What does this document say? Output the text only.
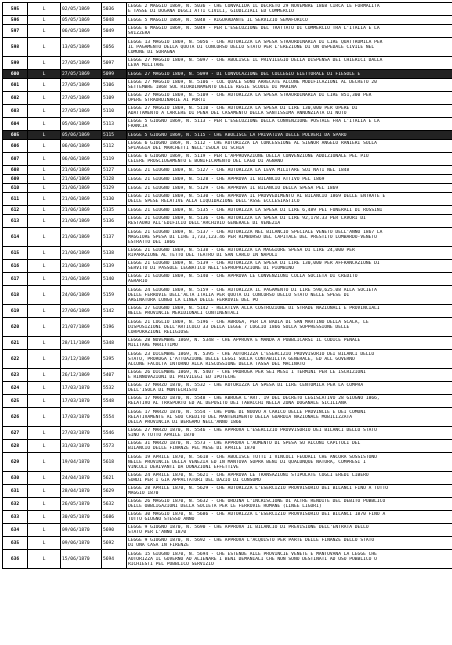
595	L	02/05/1869	5036	LEGGE 2 MAGGIO 1869, N. 5036 - CHE CONVALIDA IL DECRETO 29 NOVEMBRE 1868 CIRCA LE FORMALITA
E TASSE DI DOGANA DEGLI ATTI CIVILI, GIUDIZIALI ED COMMERCIO

596	L	05/05/1869	5048	LEGGE 5 MAGGIO 1869, N. 5048 - RIGUARDANTE IL SERVIZIO SEMAFORICO

597	L	06/05/1869	5049	LEGGE 6 MAGGIO 1869, N. 5049 - PER L'ESECUZIONE DEL TRATTATO DI COMMERCIO TRA L'ITALIA E LA
SVIZZERA

598	L	13/05/1869	5056	LEGGE 13 MAGGIO 1869, N. 5056 - CHE AUTORIZZA LA SPESA STRAORDINARIA DI LIRE QUATTROMILA PER
IL PAGAMENTO DELLA QUOTA DI CONCORSO DELLO STATO PER L'EREZIONE DI UN OSPEDALE CIVILE NEL
COMUNE DI SORAGNA

599	L	27/05/1869	5097	LEGGE 27 MAGGIO 1869, N. 5097 - CHE ABOLISCE IL PRIVILEGIO DELLA DISPENSA DEI CHIERICI DALLA
LEVA MILITARE

600	L	27/05/1869	5099	LEGGE 27 MAGGIO 1869, N. 5099 - DI CONVOCAZIONE DEL COLLEGIO ELETTORALE DI FIESOLE E

601	L	27/05/1869	5106	LEGGE 27 MAGGIO 1869, N. 5106 - COL QUALE SONO ARRECATE ALCUNE MODIFICAZIONI AL DECRETO 20
SETTEMBRE 1868 SUL RIORDINAMENTO DELLE REGIE SCUOLE DI MARINA

602	L	27/05/1869	5109	LEGGE 27 MAGGIO 1869, N. 5109 - CHE AUTORIZZA LA SPESA STRAORDINARIA DI LIRE 851,300 PER
OPERE STRAORDINARIE AI PORTI

603	L	27/05/1869	5110	LEGGE 27 MAGGIO 1869, N. 5110 - CHE AUTORIZZA LA SPESA DI LIRE 130,000 PER OPERE DI
ADATTAMENTO A CARCERE DI PENA DEL CASAMENTO DELLA SANTISSIMA ANNUNZIATA DI NOTO

604	L	05/06/1869	5113	LEGGE 5 GIUGNO 1869, N. 5113 - PER L'ESECUZIONE DELLA CONVENZIONE POSTALE FRA L'ITALIA E LA
FRANCIA

605	L	05/06/1869	5115	LEGGE 5 GIUGNO 1869, N. 5115 - CHE ABOLISCE LA PRIVATIVA DELLE POLVERI DA SPARO

606	L	06/06/1869	5112	LEGGE 6 GIUGNO 1869, N. 5112 - CHE AUTORIZZA LA CONCESSIONE AL SIGNOR ANGELO RANIERI SULLA
SPIAGGIA DEI MARCHETTI NELL'ISOLA DI SCHIA

607	L	06/06/1869	5119	LEGGE 6 GIUGNO 1869, N. 5119 - PER L'APPROVAZIONE DELLA CONVENZIONE ADDIZIONALE PEL PIU
CELERE PROSCIUGAMENTO E BONIFICAMENTO DEL LAGO DI AGNANO

608	L	21/06/1869	5127	LEGGE 21 GIUGNO 1869, N. 5127 - CHE AUTORIZZA LA LEVA MILITARE SUI NATI NEL 1848

609	L	21/06/1869	5128	LEGGE 21 GIUGNO 1869, N. 5128 - CHE APPROVA IL BILANCIO ATTIVO PEL 1869

610	L	21/06/1869	5129	LEGGE 21 GIUGNO 1869, N. 5129 - CHE APPROVA IL BILANCIO DELLA SPESA PEL 1869

611	L	21/06/1869	5130	LEGGE 21 GIUGNO 1869, N. 5130 - CHE APPROVA IL PROVVEDIMENTO AL BILANCIO 1869 DELLE ENTRATE E
DELLE SPESE RELATIVE ALLA LIQUIDAZIONE DELL'ASSE ECCLESIASTICO

612	L	21/06/1869	5135	LEGGE 21 GIUGNO 1869, N. 5135 - CHE AUTORIZZA LA SPESA DI LIRE 6,489 PEI FUNERALI DI ROSSINI

613	L	21/06/1869	5136	LEGGE 21 GIUGNO 1869, N. 5136 - CHE AUTORIZZA LA SPESA DI LIRE 92,178.33 PER LAVORI DI
RESTAURO ALL'EDIFICIO DELL'ARCHIVIO GENERALE DI VENEZIA

614	L	21/06/1869	5137	LEGGE 21 GIUGNO 1869, N. 5137 - CHE AUTORIZZA NEL BILANCIO SPECIALE VENETO DELL'ANNO 1867 LA
MAGGIORE SPESA DI LIRE 1,733,123.46 PER RIMBORSO DEL CAPITALE DEL PRESTITO LOMBARDO-VENETO
ESTRATTO DEL 1866

615	L	21/06/1869	5138	LEGGE 21 GIUGNO 1869, N. 5138 - CHE AUTORIZZA LA MAGGIORE SPESA DI LIRE 24,000 PER
RIPARAZIONE AL TETTO DEL TEATRO DI SAN CARLO IN NAPOLI

616	L	21/06/1869	5139	LEGGE 21 GIUGNO 1869, N. 5139 - CHE AUTORIZZA LA SPESA DI LIRE 130,000 PER AFFRANCAZIONE DI
SERVITU DI PASSOLE LEGNATICO NELL'ESPROPRIAZIONE DI PIOMBINO

617	L	21/06/1869	5140	LEGGE 21 GIUGNO 1869, N. 5140 - CHE APPROVA LE CONVENZIONI COLLA SOCIETA DI CREDITO
AGRARIO

618	L	24/06/1869	5159	LEGGE 24 GIUGNO 1869, N. 5159 - CHE AUTORIZZA IL PAGAMENTO DI LIRE 590,625.08 ALLA SOCIETA
DELLE FERROVIE DELL'ALTA ITALIA PER QUOTA DI CONCORSO DELLO STATO NELLE SPESE DI
ARGINATURA LUNGO LA LINEA DELLE FERROVIE DEL PO

619	L	27/06/1869	5142	LEGGE 27 GIUGNO 1869, N. 5142 - RELATIVA ALLA COSTRUZIONE DI STRADE NAZIONALI E PROVINCIALI
NELLE PROVINCIE MERIDIONALI CONTINENTALI

620	L	21/07/1869	5196	LEGGE 21 LUGLIO 1869, N. 5196 - CHE ABROGA, PER LA BADIA DI SAN MARTINO DELLA SCALA, LE
DISPOSIZIONI DELL'ARTICOLO 33 DELLA LEGGE 7 LUGLIO 1866 SULLA SOPPRESSIONE DELLE
CORPORAZIONI RELIGIOSE

621	L	28/11/1869	5348	LEGGE 28 NOVEMBRE 1869, N. 5348 - CHE APPROVA E MANDA A PUBBLICARSI IL CODICE PENALE
MILITARE MARITTIMO

622	L	23/12/1869	5395	LEGGE 23 DICEMBRE 1869, N. 5395 - CHE AUTORIZZA L'ESERCIZIO PROVVISORIO DEI BILANCI DELLO
STATO, PROROGA L'ATTUAZIONE DELLE LEGGI SULLA CONTABILITA GENERALE, ED ALL GOVERNO
ALCUNE FACOLTA INTORNO ALLA RISCOSSIONE DELLA TASSA DEL MACINATO

623	L	26/12/1869	5407	LEGGE 26 DICEMBRE 1869, N. 5407 - CHE PROROGA PER SEI MESI I TERMINI PER LE ISCRIZIONI
E RINNOVAZIONI DI PRIVILEGI ED IPOTECHE

624	L	17/03/1870	5532	LEGGE 17 MARZO 1870, N. 5532 - CHE AUTORIZZA LA SPESA DI LIRE CENTOMILA PER LA COMPRA
DELL'ISOLA DI MONTECRISTO

625	L	17/03/1870	5548	LEGGE 17 MARZO 1870, N. 5548 - CHE ABROGA L'ART. 19 DEL DECRETO LEGISLATIVO 28 GIUGNO 1866,
RELATIVO AL TRASPORTO ED AL DEPOSITO DEI TABACCHI NELLA ZONA DOGANALE SICILIANA

626	L	17/03/1870	5554	LEGGE 17 MARZO 1870, N. 5554 - CHE PONE DI NUOVO A CARICO DELLE PROVINCIE E DEI COMUNI
RELATIVAMENTE AL SUO CREDITO DEL MANTENIMENTO DELLA GUARDIA NAZIONALE MOBILIZZATA
DELLA PROVINCIA DI BERGAMO NELL'ANNO 1866

627	L	27/03/1870	5546	LEGGE 27 MARZO 1870, N. 5546 - CHE APPROVA L'ESERCIZIO PROVVISORIO DEI BILANCI DELLO STATO
SINO A TUTTO APRILE 1870

628	L	31/03/1870	5573	LEGGE 31 MARZO 1870, N. 5573 - CHE APPROVA L'AUMENTO DI SPESA SU ALCUNI CAPITOLI DEL
BILANCIO DELLE FINANZE PEL MESE DI APRILE 1870

629	L	19/04/1870	5618	LEGGE 19 APRILE 1870, N. 5618 - CHE ABOLISCE TUTTI I VINCOLI FEUDALI CHE ANCORA SUSSISTONO
NELLE PROVINCIE DELLA VENEZIA ED IN MANTOVA SOPRA BENI DI QUALUNQUE NATURA, COMPRESI I
VINCOLI DERIVANTI DA DONAZIONI EFFETTIVE

630	L	24/04/1870	5621	LEGGE 24 APRILE 1870, N. 5621 - CHE APPROVA LE TRANSAZIONI STIPULATE COGLI EREDI LIBERO
SORDI PER I GIA APPALTATORI DEL DAZIO DI CONSUMO

631	L	28/04/1870	5629	LEGGE 28 APRILE 1870, N. 5629 - CHE AUTORIZZA L'ESERCIZIO PROVVISORIO DEI BILANCI FINO A TUTTO
MAGGIO 1870

632	L	26/05/1870	5632	LEGGE 26 MAGGIO 1870, N. 5632 - CHE ORDINA L'INCRISCIONE DI ALTRE RENDITE DEL DEBITO PUBBLICO
DELLE OBBLIGAZIONI DELLA SOCIETA PER LE FERROVIE ROMANE (LINEE LIGURI)

633	L	30/05/1870	5686	LEGGE 30 MAGGIO 1870, N. 5686 - CHE AUTORIZZA L'ESERCIZIO PROVVISORIO DEI BILANCI 1870 FINO A
TUTTO GIUGNO STESSO ANNO

634	L	09/06/1870	5690	LEGGE 9 GIUGNO 1870, N. 5690 - CHE APPROVA IL BILANCIO DI PREVISIONE DELL'ENTRATA DELLO
STATO PER L'ANNO 1870

635	L	09/06/1870	5692	LEGGE 9 GIUGNO 1870, N. 5692 - CHE APPROVA L'ACQUISTO PER PARTE DELLE FINANZE DELLO STATO
DI UNA CASA IN FIRENZE

636	L	15/06/1870	5694	LEGGE 15 GIUGNO 1870, N. 5694 - CHE ESTENDE ALLE PROVINCIE VENETE E MANTOVANA LA LEGGE CHE
AUTORIZZA IL GOVERNO AD ALIENARE I BENI DEMANIALI CHE NON SONO DESTINATI AD USO PUBBLICO O
RICHIESTI PEL PUBBLICO SERVIZIO
